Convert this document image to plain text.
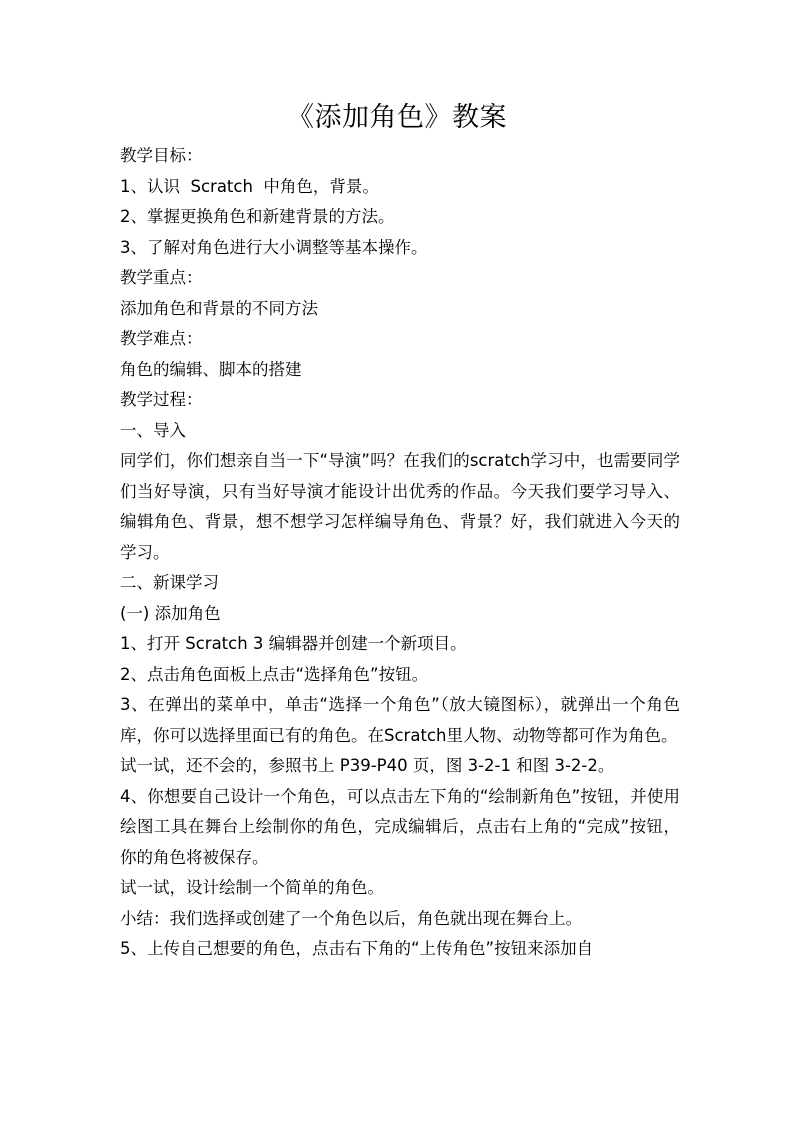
《添加角色》教案

教学目标：

1、认识  Scratch  中角色，背景。

2、掌握更换角色和新建背景的方法。

3、了解对角色进行大小调整等基本操作。

教学重点：

添加角色和背景的不同方法

教学难点：

角色的编辑、脚本的搭建

教学过程：

一、导入

同学们，你们想亲自当一下“导演”吗？在我们的scratch学习中，也需要同学们当好导演，只有当好导演才能设计出优秀的作品。今天我们要学习导入、编辑角色、背景，想不想学习怎样编导角色、背景？好，我们就进入今天的学习。

二、新课学习

(一) 添加角色

1、打开 Scratch 3 编辑器并创建一个新项目。

2、点击角色面板上点击“选择角色”按钮。

3、在弹出的菜单中，单击“选择一个角色”（放大镜图标），就弹出一个角色库，你可以选择里面已有的角色。在Scratch里人物、动物等都可作为角色。

试一试，还不会的，参照书上 P39-P40 页，图 3-2-1 和图 3-2-2。

4、你想要自己设计一个角色，可以点击左下角的“绘制新角色”按钮，并使用绘图工具在舞台上绘制你的角色，完成编辑后，点击右上角的“完成”按钮，你的角色将被保存。

试一试，设计绘制一个简单的角色。

小结：我们选择或创建了一个角色以后，角色就出现在舞台上。

5、上传自己想要的角色，点击右下角的“上传角色”按钮来添加自
